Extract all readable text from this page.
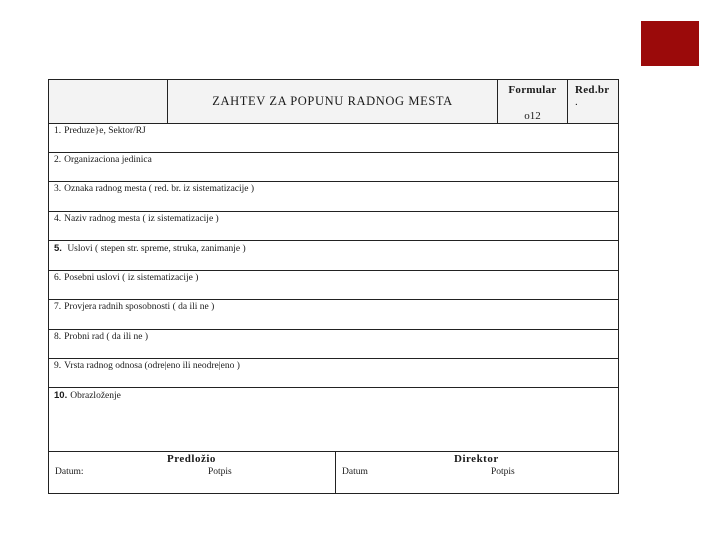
ZAHTEV ZA POPUNU RADNOG MESTA
Formular
o12
Red.br
.
1. Preduze}e, Sektor/RJ
2. Organizaciona jedinica
3. Oznaka radnog mesta ( red. br. iz sistematizacije )
4. Naziv radnog mesta ( iz sistematizacije )
5. Uslovi ( stepen str. spreme, struka, zanimanje )
6. Posebni uslovi ( iz sistematizacije )
7. Provjera radnih sposobnosti ( da ili ne )
8. Probni rad ( da ili ne )
9. Vrsta radnog odnosa (odre|eno ili neodre|eno )
10. Obrazloženje
Predložio
Datum:	Potpis
Direktor
Datum	Potpis
